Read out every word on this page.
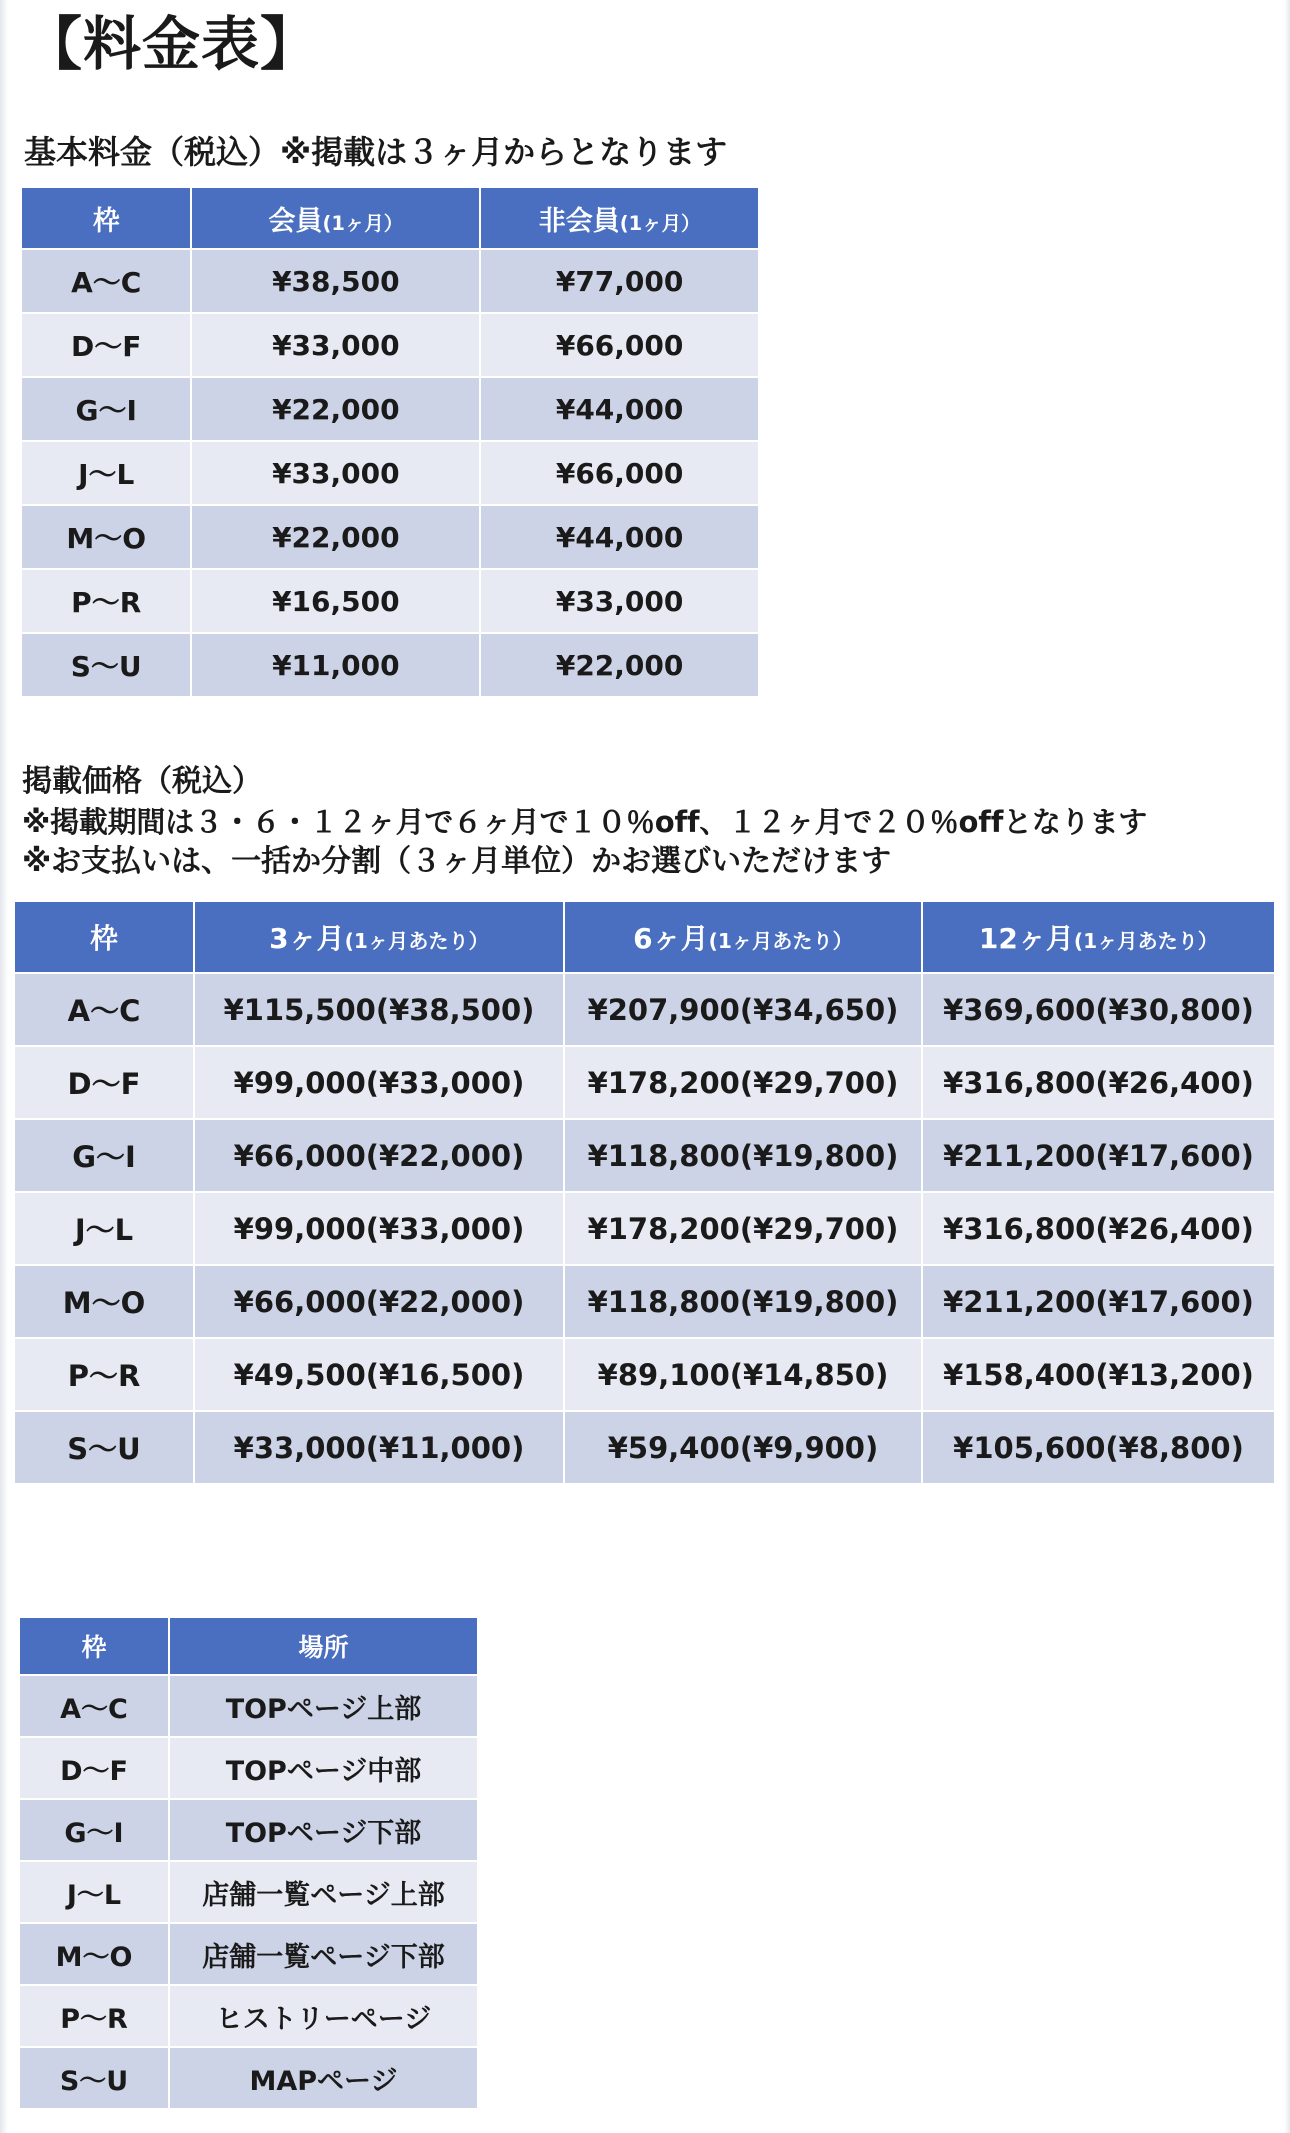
【料金表】
基本料金（税込）※掲載は３ヶ月からとなります
枠	会員(1ヶ月）	非会員(1ヶ月）
A〜C	¥38,500	¥77,000
D〜F	¥33,000	¥66,000
G〜I	¥22,000	¥44,000
J〜L	¥33,000	¥66,000
M〜O	¥22,000	¥44,000
P〜R	¥16,500	¥33,000
S〜U	¥11,000	¥22,000
掲載価格（税込）

※掲載期間は３・６・１２ヶ月で６ヶ月で１０％off、１２ヶ月で２０％offとなります

※お支払いは、一括か分割（３ヶ月単位）かお選びいただけます

枠	3ヶ月(1ヶ月あたり）	6ヶ月(1ヶ月あたり）	12ヶ月(1ヶ月あたり）
A〜C	¥115,500(¥38,500)	¥207,900(¥34,650)	¥369,600(¥30,800)
D〜F	¥99,000(¥33,000)	¥178,200(¥29,700)	¥316,800(¥26,400)
G〜I	¥66,000(¥22,000)	¥118,800(¥19,800)	¥211,200(¥17,600)
J〜L	¥99,000(¥33,000)	¥178,200(¥29,700)	¥316,800(¥26,400)
M〜O	¥66,000(¥22,000)	¥118,800(¥19,800)	¥211,200(¥17,600)
P〜R	¥49,500(¥16,500)	¥89,100(¥14,850)	¥158,400(¥13,200)
S〜U	¥33,000(¥11,000)	¥59,400(¥9,900)	¥105,600(¥8,800)
枠	場所
A〜C	TOPページ上部
D〜F	TOPページ中部
G〜I	TOPページ下部
J〜L	店舗一覧ページ上部
M〜O	店舗一覧ページ下部
P〜R	ヒストリーページ
S〜U	MAPページ
